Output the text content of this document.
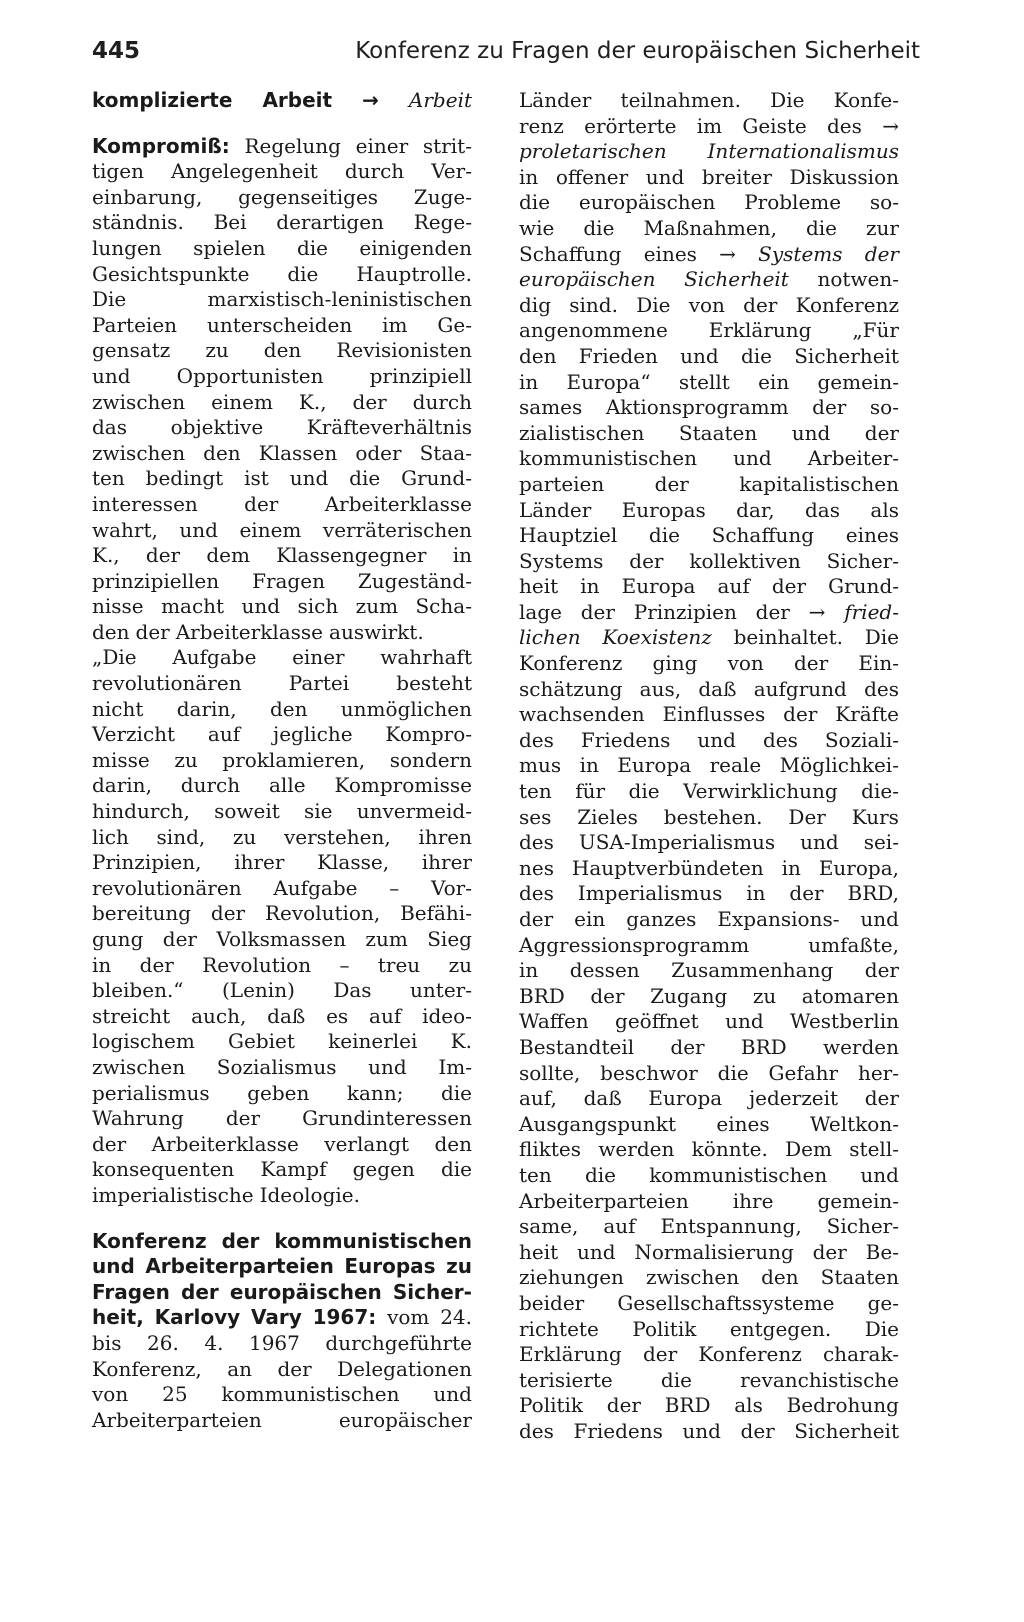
445	Konferenz zu Fragen der europäischen Sicherheit
komplizierte Arbeit → Arbeit
Kompromiß: Regelung einer strit-
tigen Angelegenheit durch Ver-
einbarung, gegenseitiges Zuge-
ständnis. Bei derartigen Rege-
lungen spielen die einigenden
Gesichtspunkte die Hauptrolle.
Die	marxistisch-leninistischen
Parteien unterscheiden im Ge-
gensatz zu den Revisionisten
und Opportunisten prinzipiell
zwischen einem K., der durch
das objektive Kräfteverhältnis
zwischen den Klassen oder Staa-
ten bedingt ist und die Grund-
interessen der Arbeiterklasse
wahrt, und einem verräterischen
K., der dem Klassengegner in
prinzipiellen Fragen Zugeständ-
nisse macht und sich zum Scha-
den der Arbeiterklasse auswirkt.
„Die Aufgabe einer wahrhaft
revolutionären Partei besteht
nicht darin, den unmöglichen
Verzicht auf jegliche Kompro-
misse zu proklamieren, sondern
darin, durch alle Kompromisse
hindurch, soweit sie unvermeid-
lich sind, zu verstehen, ihren
Prinzipien, ihrer Klasse, ihrer
revolutionären Aufgabe – Vor-
bereitung der Revolution, Befähi-
gung der Volksmassen zum Sieg
in der Revolution – treu zu
bleiben.“ (Lenin) Das unter-
streicht auch, daß es auf ideo-
logischem Gebiet keinerlei K.
zwischen Sozialismus und Im-
perialismus geben kann; die
Wahrung der Grundinteressen
der Arbeiterklasse verlangt den
konsequenten Kampf gegen die
imperialistische Ideologie.
Konferenz der kommunistischen
und Arbeiterparteien Europas zu
Fragen der europäischen Sicher-
heit, Karlovy Vary 1967: vom 24.
bis 26. 4. 1967 durchgeführte
Konferenz, an der Delegationen
von 25 kommunistischen und
Arbeiterparteien	europäischer
Länder teilnahmen. Die Konfe-
renz erörterte im Geiste des →
proletarischen Internationalismus
in offener und breiter Diskussion
die europäischen Probleme so-
wie die Maßnahmen, die zur
Schaffung eines → Systems der
europäischen Sicherheit notwen-
dig sind. Die von der Konferenz
angenommene Erklärung „Für
den Frieden und die Sicherheit
in Europa“ stellt ein gemein-
sames Aktionsprogramm der so-
zialistischen Staaten und der
kommunistischen und Arbeiter-
parteien	der	kapitalistischen
Länder Europas dar, das als
Hauptziel die Schaffung eines
Systems der kollektiven Sicher-
heit in Europa auf der Grund-
lage der Prinzipien der → fried-
lichen Koexistenz beinhaltet. Die
Konferenz ging von der Ein-
schätzung aus, daß aufgrund des
wachsenden Einflusses der Kräfte
des Friedens und des Soziali-
mus in Europa reale Möglichkei-
ten für die Verwirklichung die-
ses Zieles bestehen. Der Kurs
des USA-Imperialismus und sei-
nes Hauptverbündeten in Europa,
des Imperialismus in der BRD,
der ein ganzes Expansions- und
Aggressionsprogramm	umfaßte,
in dessen Zusammenhang der
BRD der Zugang zu atomaren
Waffen geöffnet und Westberlin
Bestandteil der BRD werden
sollte, beschwor die Gefahr her-
auf, daß Europa jederzeit der
Ausgangspunkt eines Weltkon-
fliktes werden könnte. Dem stell-
ten die kommunistischen und
Arbeiterparteien ihre gemein-
same, auf Entspannung, Sicher-
heit und Normalisierung der Be-
ziehungen zwischen den Staaten
beider Gesellschaftssysteme ge-
richtete Politik entgegen. Die
Erklärung der Konferenz charak-
terisierte die revanchistische
Politik der BRD als Bedrohung
des Friedens und der Sicherheit
